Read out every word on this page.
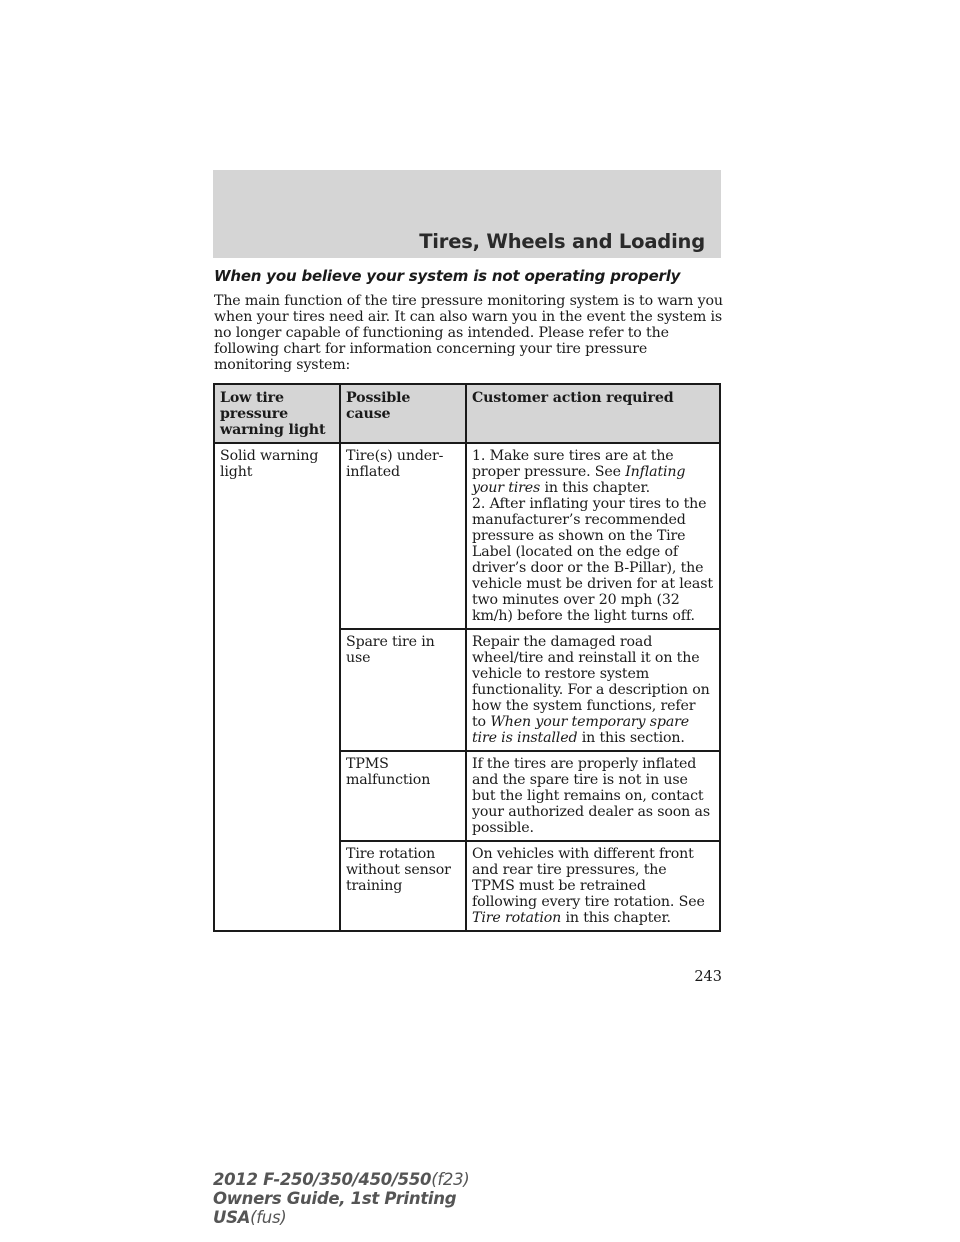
Tires, Wheels and Loading
When you believe your system is not operating properly

The main function of the tire pressure monitoring system is to warn you when your tires need air. It can also warn you in the event the system is no longer capable of functioning as intended. Please refer to the following chart for information concerning your tire pressure monitoring system:

Low tire pressure warning light	Possible cause	Customer action required
Solid warning light	Tire(s) under-inflated	1. Make sure tires are at the proper pressure. See Inflating your tires in this chapter.
2. After inflating your tires to the manufacturer’s recommended pressure as shown on the Tire Label (located on the edge of driver’s door or the B-Pillar), the vehicle must be driven for at least two minutes over 20 mph (32 km/h) before the light turns off.
	Spare tire in use	Repair the damaged road wheel/tire and reinstall it on the vehicle to restore system functionality. For a description on how the system functions, refer to When your temporary spare tire is installed in this section.
	TPMS malfunction	If the tires are properly inflated and the spare tire is not in use but the light remains on, contact your authorized dealer as soon as possible.
	Tire rotation without sensor training	On vehicles with different front and rear tire pressures, the TPMS must be retrained following every tire rotation. See Tire rotation in this chapter.
243
2012 F-250/350/450/550(f23)
Owners Guide, 1st Printing
USA(fus)
